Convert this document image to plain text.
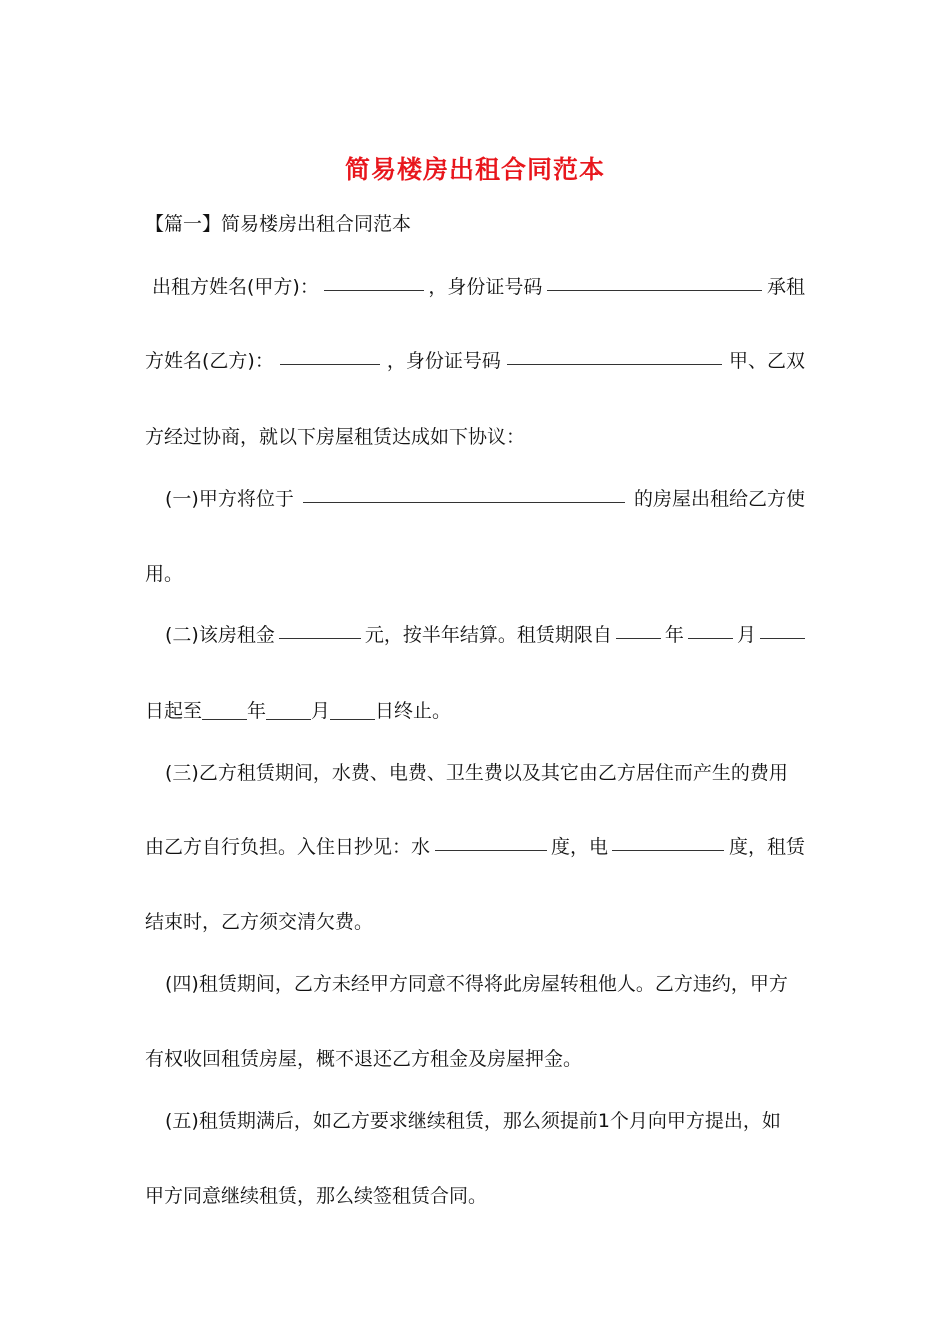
简易楼房出租合同范本
【篇一】简易楼房出租合同范本
出租方姓名(甲方)：	，身份证号码	承租
方姓名(乙方)：	，身份证号码	甲、乙双
方经过协商，就以下房屋租赁达成如下协议：
(一)甲方将位于	的房屋出租给乙方使
用。
(二)该房租金	元，按半年结算。租赁期限自	年	月
日起至 年 月 日终止。
(三)乙方租赁期间，水费、电费、卫生费以及其它由乙方居住而产生的费用
由乙方自行负担。入住日抄见：水	度，电	度，租赁
结束时，乙方须交清欠费。
(四)租赁期间，乙方未经甲方同意不得将此房屋转租他人。乙方违约，甲方
有权收回租赁房屋，概不退还乙方租金及房屋押金。
(五)租赁期满后，如乙方要求继续租赁，那么须提前1个月向甲方提出，如
甲方同意继续租赁，那么续签租赁合同。
